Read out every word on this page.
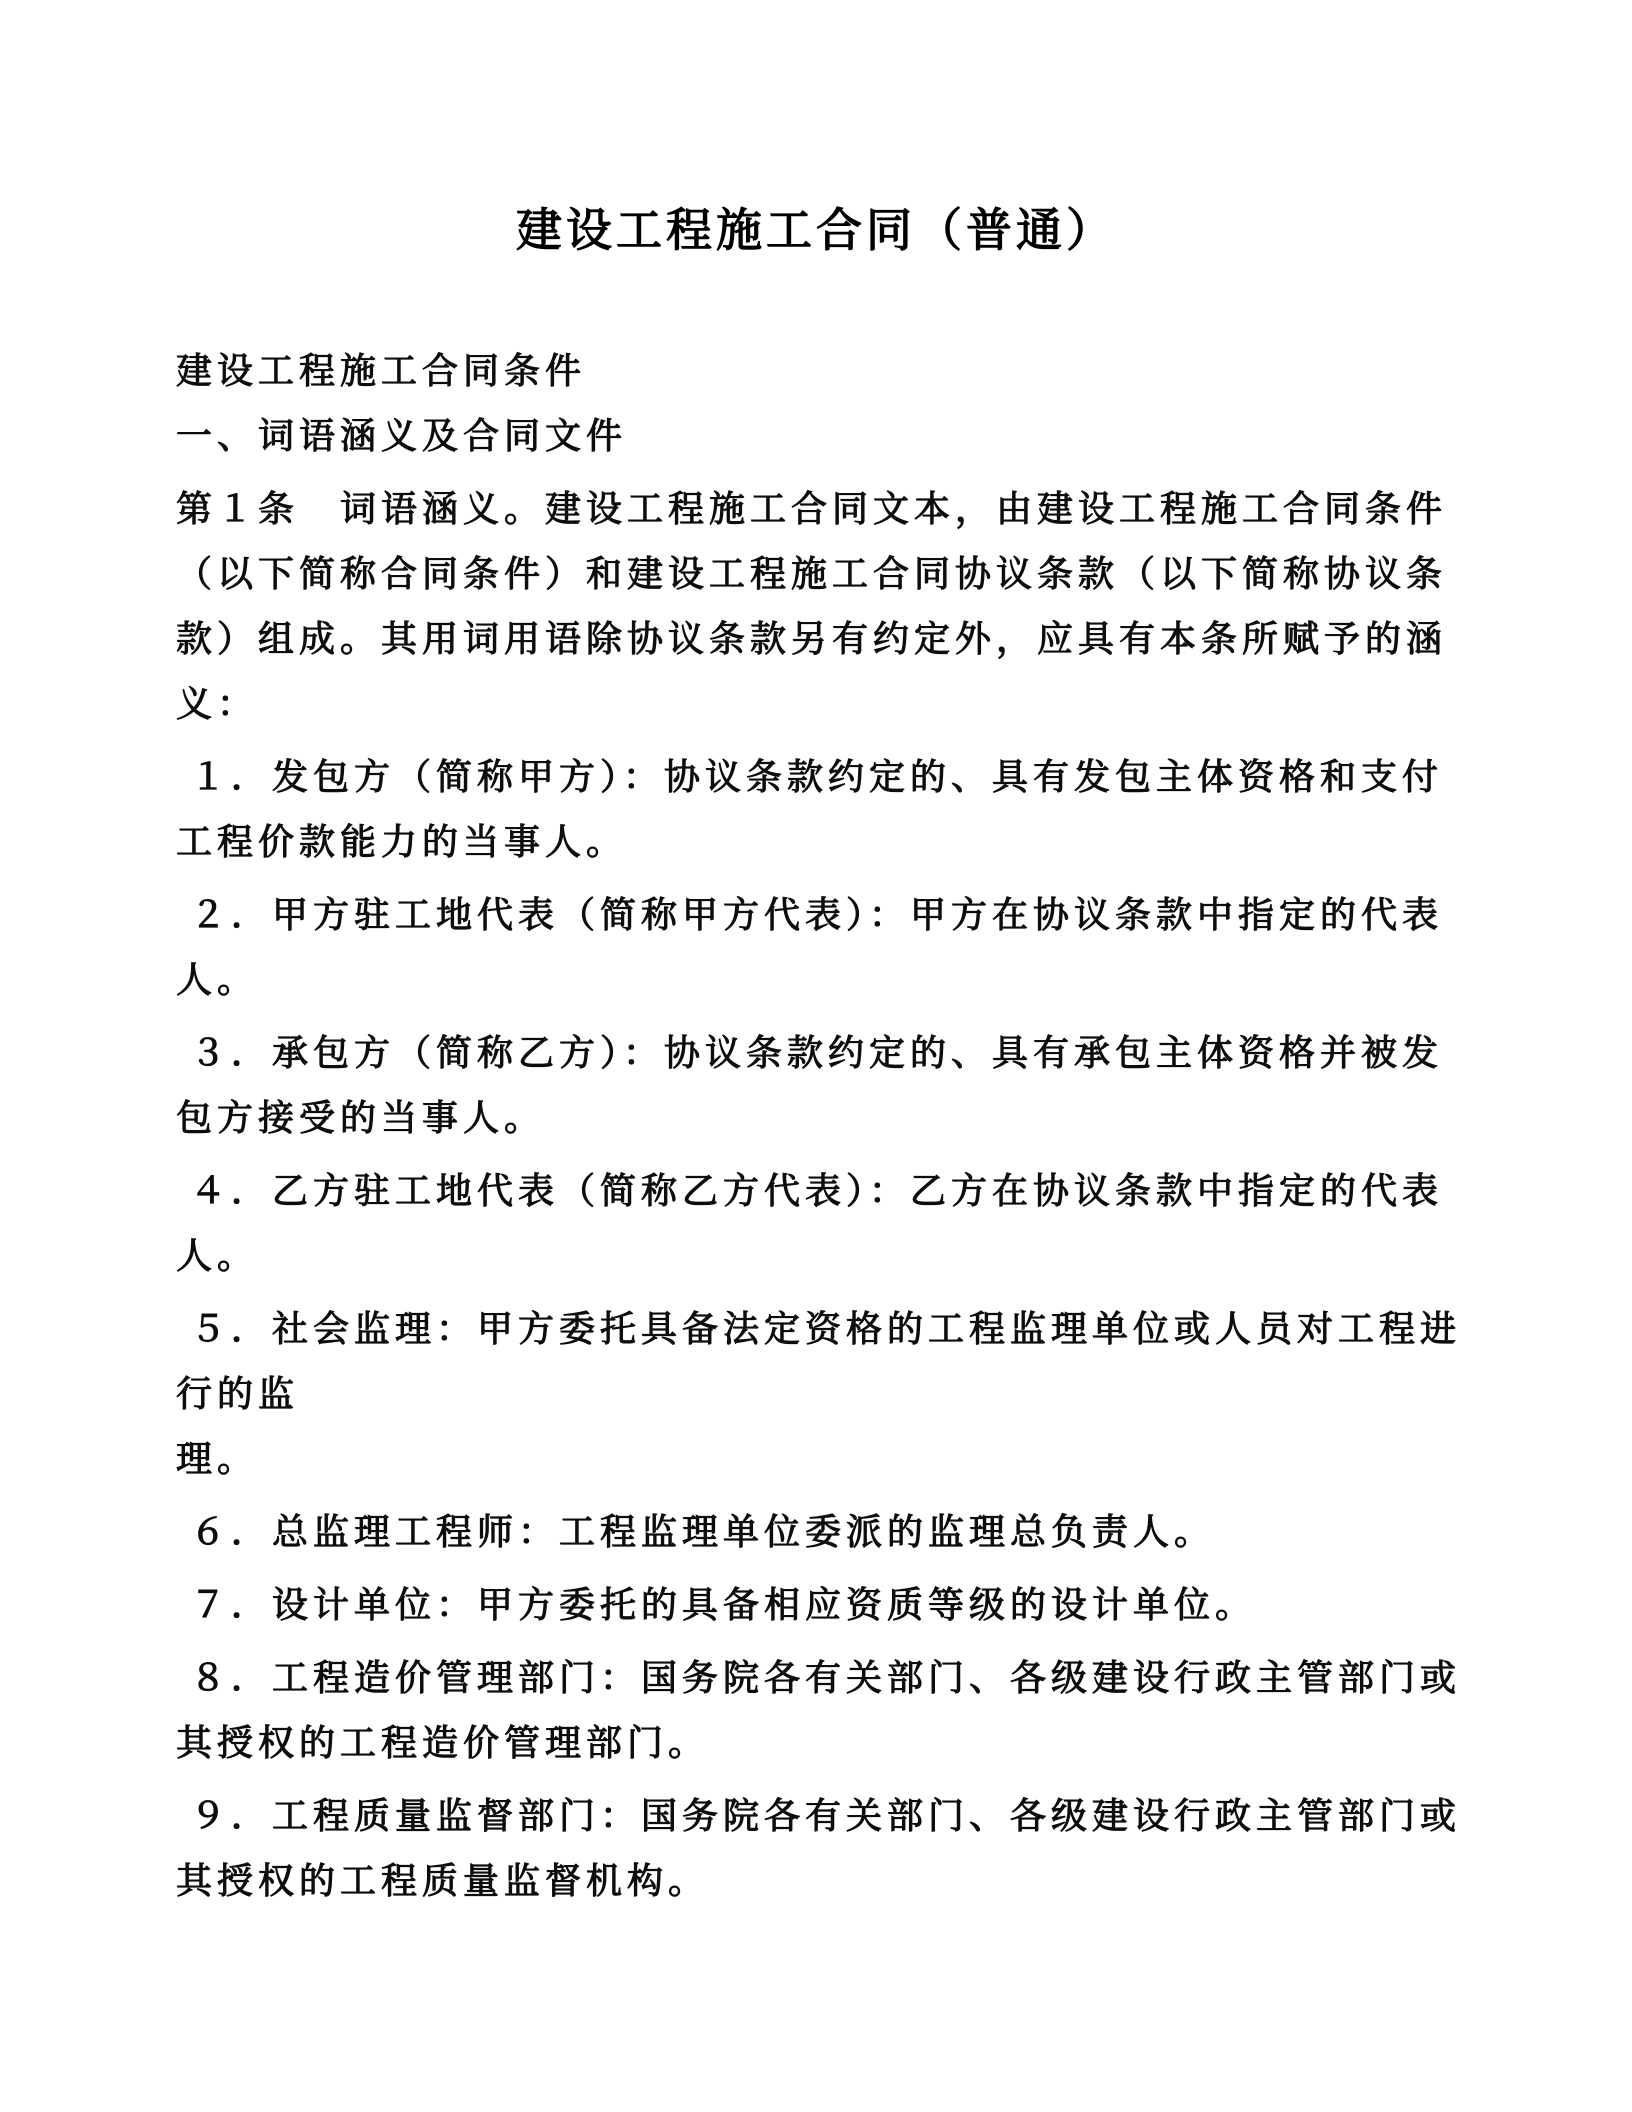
建设工程施工合同（普通）
建设工程施工合同条件
一、词语涵义及合同文件
第１条　词语涵义。建设工程施工合同文本，由建设工程施工合同条件
（以下简称合同条件）和建设工程施工合同协议条款（以下简称协议条
款）组成。其用词用语除协议条款另有约定外，应具有本条所赋予的涵
义：
１．发包方（简称甲方）：协议条款约定的、具有发包主体资格和支付
工程价款能力的当事人。
２．甲方驻工地代表（简称甲方代表）：甲方在协议条款中指定的代表
人。
３．承包方（简称乙方）：协议条款约定的、具有承包主体资格并被发
包方接受的当事人。
４．乙方驻工地代表（简称乙方代表）：乙方在协议条款中指定的代表
人。
５．社会监理：甲方委托具备法定资格的工程监理单位或人员对工程进
行的监
理。
６．总监理工程师：工程监理单位委派的监理总负责人。
７．设计单位：甲方委托的具备相应资质等级的设计单位。
８．工程造价管理部门：国务院各有关部门、各级建设行政主管部门或
其授权的工程造价管理部门。
９．工程质量监督部门：国务院各有关部门、各级建设行政主管部门或
其授权的工程质量监督机构。
